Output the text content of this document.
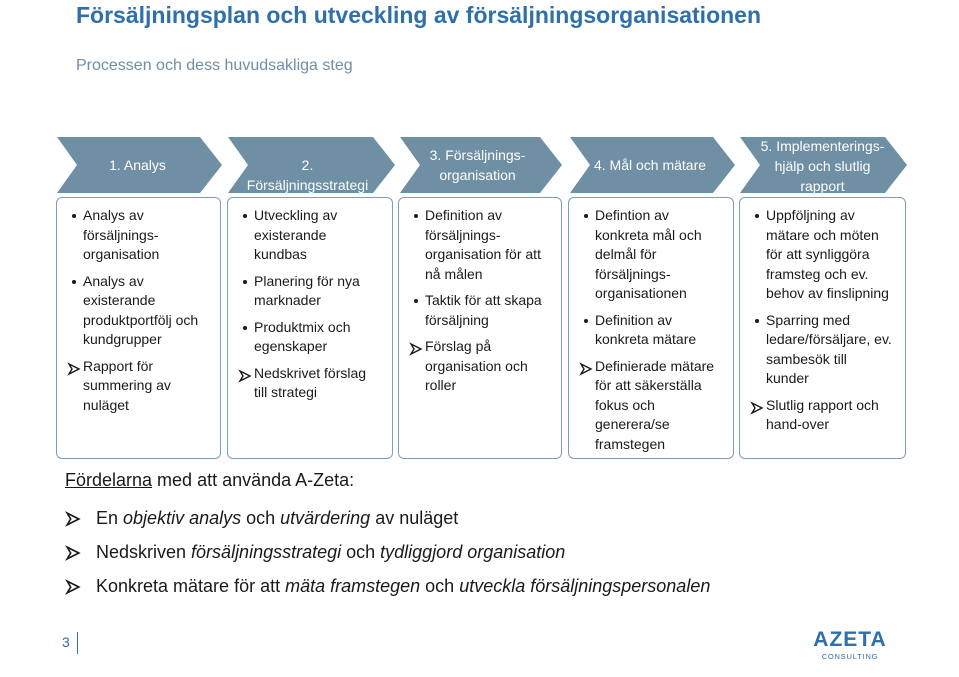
Försäljningsplan och utveckling av försäljningsorganisationen
Processen och dess huvudsakliga steg
1. Analys	2. Försäljningsstrategi
3. Försäljnings-
organisation
4. Mål och mätare
5. Implementerings-
hjälp och slutlig
rapport
Fördelarna med att använda A-Zeta:
3	AZETA
CONSULTING
Analys av
försäljnings-
organisation
Analys av
existerande
produktportfölj och
kundgrupper
Rapport för
summering av
nuläget
Utveckling av
existerande
kundbas
Planering för nya
marknader
Produktmix och
egenskaper
Nedskrivet förslag
till strategi
Definition av
försäljnings-
organisation för att
nå målen
Taktik för att skapa
försäljning
Förslag på
organisation och
roller
Defintion av
konkreta mål och
delmål för
försäljnings-
organisationen
Definition av
konkreta mätare
Definierade mätare
för att säkerställa
fokus och
generera/se
framstegen
Uppföljning av
mätare och möten
för att synliggöra
framsteg och ev.
behov av finslipning
Sparring med
ledare/försäljare, ev.
sambesök till
kunder
Slutlig rapport och
hand-over
En objektiv analys och utvärdering av nuläget
Nedskriven försäljningsstrategi och tydliggjord organisation
Konkreta mätare för att mäta framstegen och utveckla försäljningspersonalen
